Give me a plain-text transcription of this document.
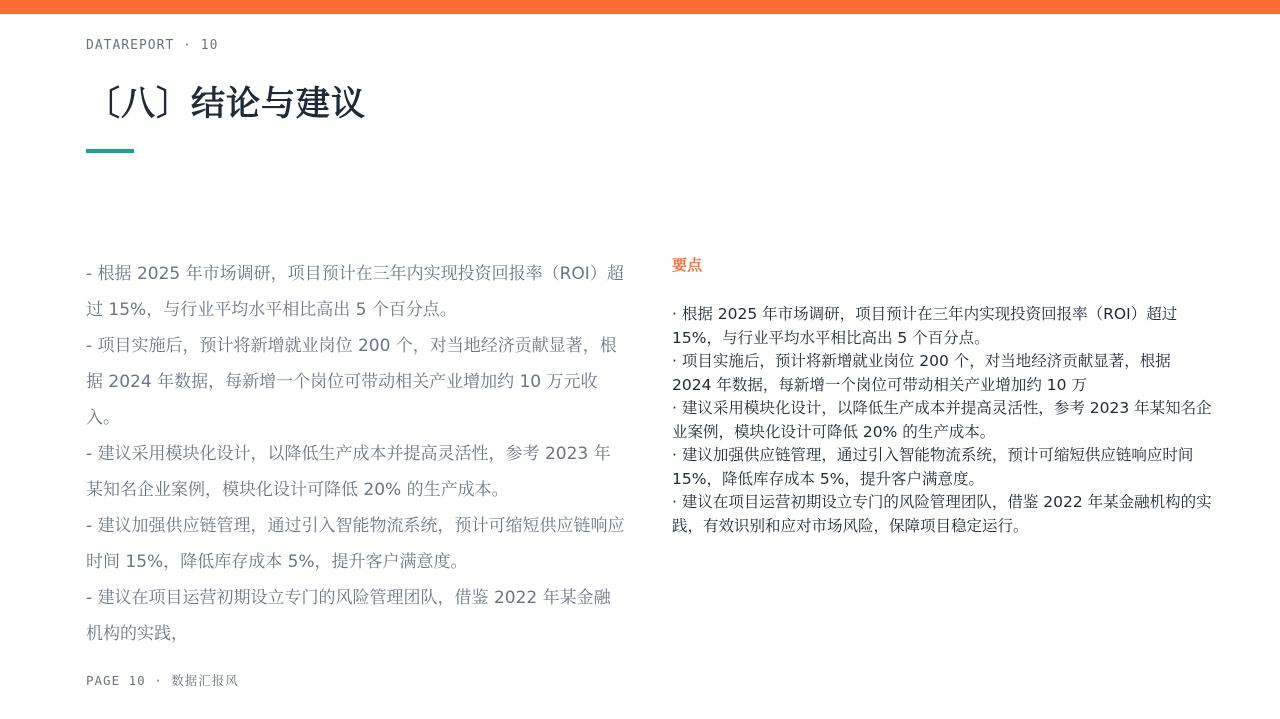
DATAREPORT · 10
〔八〕结论与建议

- 根据 2025 年市场调研，项目预计在三年内实现投资回报率（ROI）超过 15%，与行业平均水平相比高出 5 个百分点。

- 项目实施后，预计将新增就业岗位 200 个，对当地经济贡献显著，根据 2024 年数据，每新增一个岗位可带动相关产业增加约 10 万元收入。

- 建议采用模块化设计，以降低生产成本并提高灵活性，参考 2023 年某知名企业案例，模块化设计可降低 20% 的生产成本。

- 建议加强供应链管理，通过引入智能物流系统，预计可缩短供应链响应时间 15%，降低库存成本 5%，提升客户满意度。

- 建议在项目运营初期设立专门的风险管理团队，借鉴 2022 年某金融机构的实践，

要点
· 根据 2025 年市场调研，项目预计在三年内实现投资回报率（ROI）超过 15%，与行业平均水平相比高出 5 个百分点。
· 项目实施后，预计将新增就业岗位 200 个，对当地经济贡献显著，根据 2024 年数据，每新增一个岗位可带动相关产业增加约 10 万
· 建议采用模块化设计，以降低生产成本并提高灵活性，参考 2023 年某知名企业案例，模块化设计可降低 20% 的生产成本。
· 建议加强供应链管理，通过引入智能物流系统，预计可缩短供应链响应时间 15%，降低库存成本 5%，提升客户满意度。
· 建议在项目运营初期设立专门的风险管理团队，借鉴 2022 年某金融机构的实践，有效识别和应对市场风险，保障项目稳定运行。
PAGE 10 · 数据汇报风
